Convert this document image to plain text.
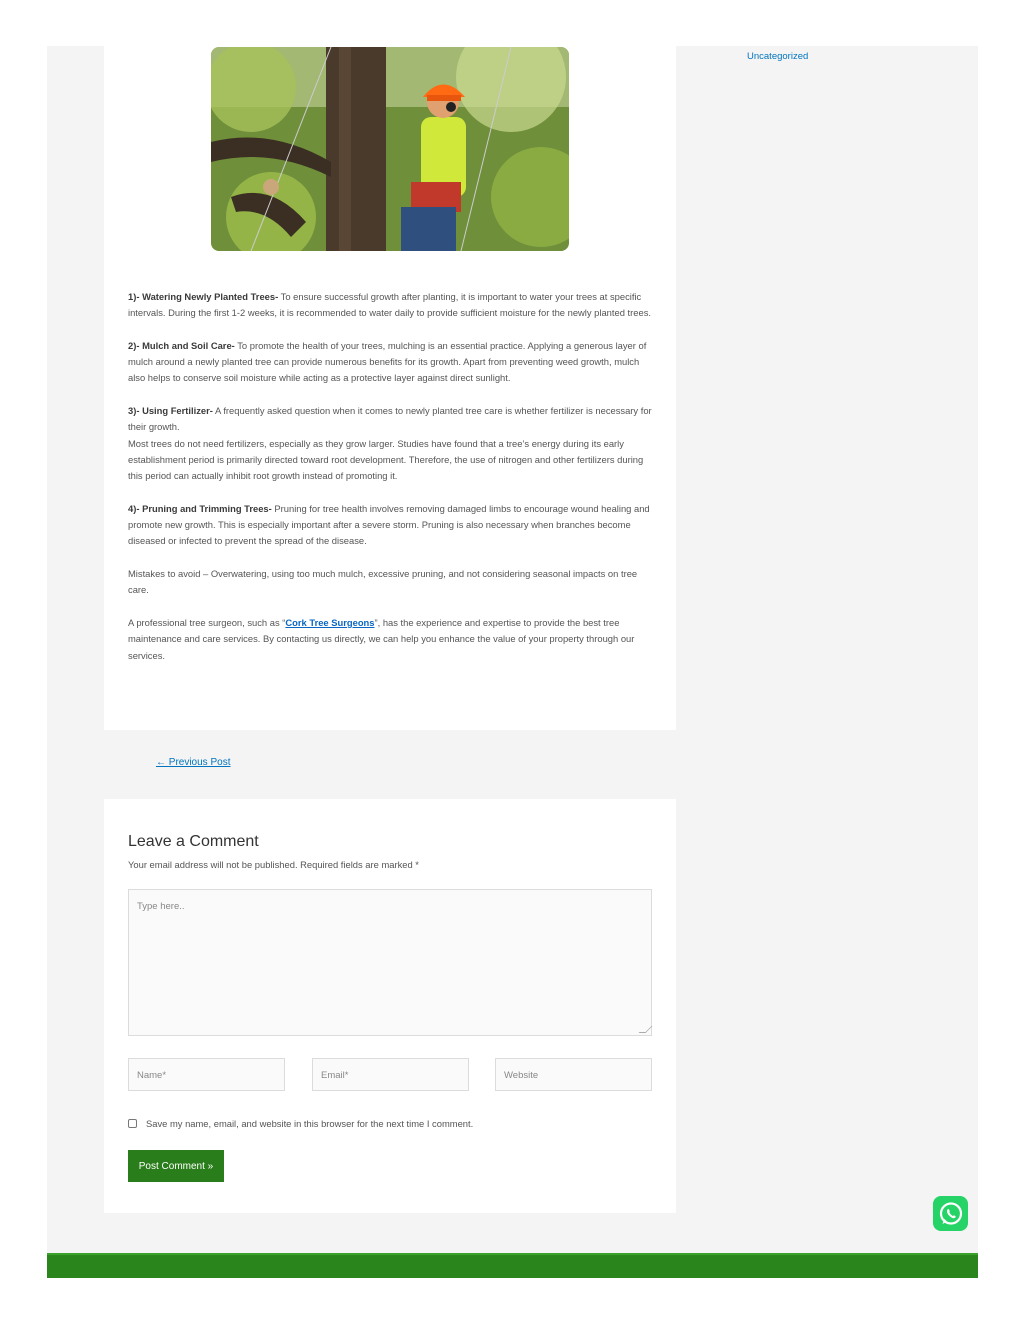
Uncategorized

1)- Watering Newly Planted Trees- To ensure successful growth after planting, it is important to water your trees at specific intervals. During the first 1-2 weeks, it is recommended to water daily to provide sufficient moisture for the newly planted trees.

2)- Mulch and Soil Care- To promote the health of your trees, mulching is an essential practice. Applying a generous layer of mulch around a newly planted tree can provide numerous benefits for its growth. Apart from preventing weed growth, mulch also helps to conserve soil moisture while acting as a protective layer against direct sunlight.

3)- Using Fertilizer- A frequently asked question when it comes to newly planted tree care is whether fertilizer is necessary for their growth.
Most trees do not need fertilizers, especially as they grow larger. Studies have found that a tree’s energy during its early establishment period is primarily directed toward root development. Therefore, the use of nitrogen and other fertilizers during this period can actually inhibit root growth instead of promoting it.

4)- Pruning and Trimming Trees- Pruning for tree health involves removing damaged limbs to encourage wound healing and promote new growth. This is especially important after a severe storm. Pruning is also necessary when branches become diseased or infected to prevent the spread of the disease.

Mistakes to avoid – Overwatering, using too much mulch, excessive pruning, and not considering seasonal impacts on tree care.

A professional tree surgeon, such as “Cork Tree Surgeons”, has the experience and expertise to provide the best tree maintenance and care services. By contacting us directly, we can help you enhance the value of your property through our services.

← Previous Post
Leave a Comment
Your email address will not be published. Required fields are marked *
Type here..
Name*	Email*	Website
Save my name, email, and website in this browser for the next time I comment.
Post Comment »
